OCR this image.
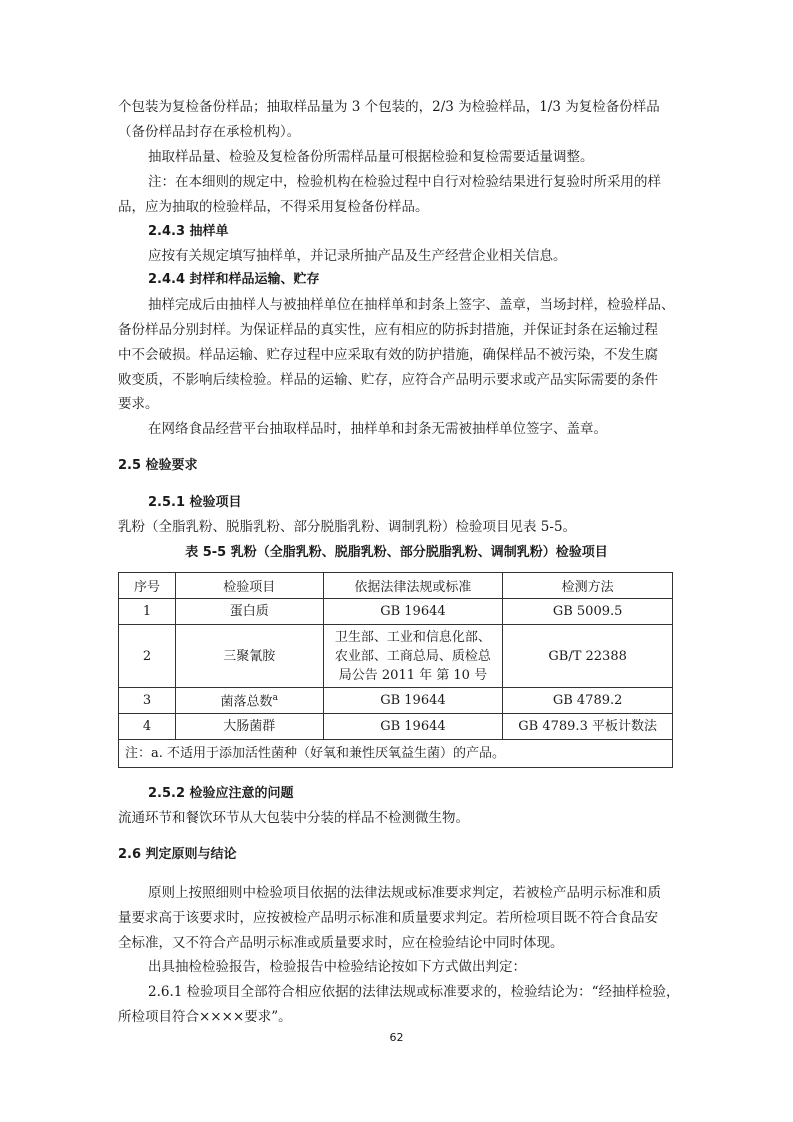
个包装为复检备份样品；抽取样品量为 3 个包装的，2/3 为检验样品，1/3 为复检备份样品
（备份样品封存在承检机构）。
抽取样品量、检验及复检备份所需样品量可根据检验和复检需要适量调整。
注：在本细则的规定中，检验机构在检验过程中自行对检验结果进行复验时所采用的样
品，应为抽取的检验样品，不得采用复检备份样品。
2.4.3 抽样单
应按有关规定填写抽样单，并记录所抽产品及生产经营企业相关信息。
2.4.4 封样和样品运输、贮存
抽样完成后由抽样人与被抽样单位在抽样单和封条上签字、盖章，当场封样，检验样品、
备份样品分别封样。为保证样品的真实性，应有相应的防拆封措施，并保证封条在运输过程
中不会破损。样品运输、贮存过程中应采取有效的防护措施，确保样品不被污染，不发生腐
败变质，不影响后续检验。样品的运输、贮存，应符合产品明示要求或产品实际需要的条件
要求。
在网络食品经营平台抽取样品时，抽样单和封条无需被抽样单位签字、盖章。
2.5 检验要求
2.5.1 检验项目
乳粉（全脂乳粉、脱脂乳粉、部分脱脂乳粉、调制乳粉）检验项目见表 5-5。
表 5-5 乳粉（全脂乳粉、脱脂乳粉、部分脱脂乳粉、调制乳粉）检验项目
序号	检验项目	依据法律法规或标准	检测方法
1	蛋白质	GB 19644	GB 5009.5
2	三聚氰胺	卫生部、工业和信息化部、
农业部、工商总局、质检总
局公告 2011 年 第 10 号	GB/T 22388
3	菌落总数$^a$	GB 19644	GB 4789.2
4	大肠菌群	GB 19644	GB 4789.3 平板计数法
注：a. 不适用于添加活性菌种（好氧和兼性厌氧益生菌）的产品。			
2.5.2 检验应注意的问题
流通环节和餐饮环节从大包装中分装的样品不检测微生物。
2.6 判定原则与结论
原则上按照细则中检验项目依据的法律法规或标准要求判定，若被检产品明示标准和质
量要求高于该要求时，应按被检产品明示标准和质量要求判定。若所检项目既不符合食品安
全标准，又不符合产品明示标准或质量要求时，应在检验结论中同时体现。
出具抽检检验报告，检验报告中检验结论按如下方式做出判定：
2.6.1 检验项目全部符合相应依据的法律法规或标准要求的，检验结论为：“经抽样检验，
所检项目符合××××要求”。
62
